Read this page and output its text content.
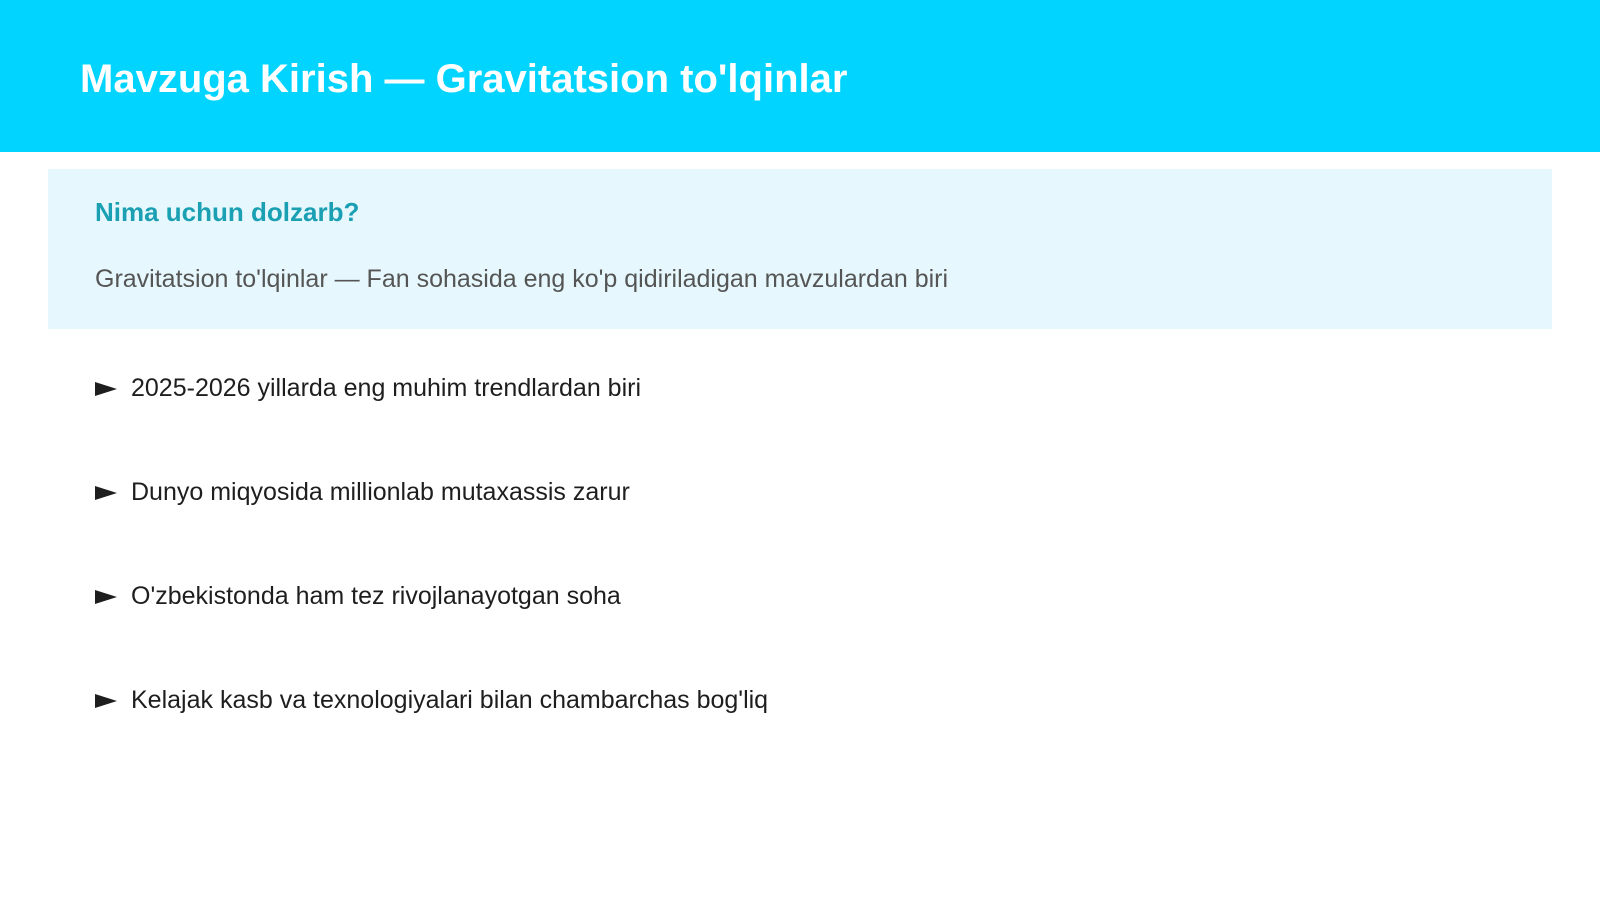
Mavzuga Kirish — Gravitatsion to'lqinlar
Nima uchun dolzarb?

Gravitatsion to'lqinlar — Fan sohasida eng ko'p qidiriladigan mavzulardan biri

2025-2026 yillarda eng muhim trendlardan biri
Dunyo miqyosida millionlab mutaxassis zarur
O'zbekistonda ham tez rivojlanayotgan soha
Kelajak kasb va texnologiyalari bilan chambarchas bog'liq
